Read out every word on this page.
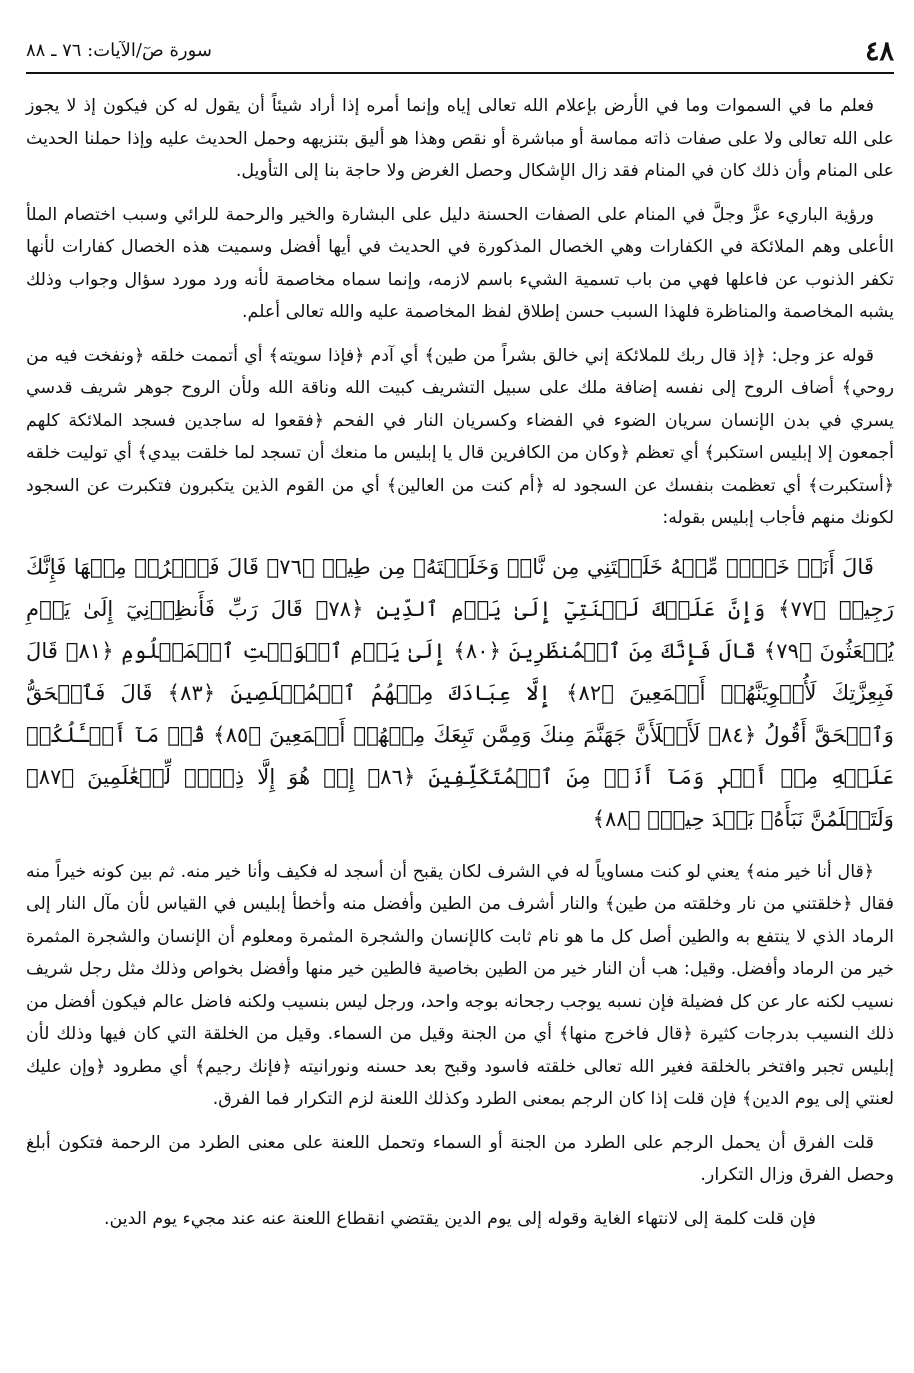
٤٨
سورة صٓ/الآيات: ٧٦ ـ ٨٨

فعلم ما في السموات وما في الأرض بإعلام الله تعالى إياه وإنما أمره إذا أراد شيئاً أن يقول له كن فيكون إذ لا يجوز على الله تعالى ولا على صفات ذاته مماسة أو مباشرة أو نقص وهذا هو أليق بتنزيهه وحمل الحديث عليه وإذا حملنا الحديث على المنام وأن ذلك كان في المنام فقد زال الإشكال وحصل الغرض ولا حاجة بنا إلى التأويل.

ورؤية الباريء عزَّ وجلَّ في المنام على الصفات الحسنة دليل على البشارة والخير والرحمة للرائي وسبب اختصام الملأ الأعلى وهم الملائكة في الكفارات وهي الخصال المذكورة في الحديث في أيها أفضل وسميت هذه الخصال كفارات لأنها تكفر الذنوب عن فاعلها فهي من باب تسمية الشيء باسم لازمه، وإنما سماه مخاصمة لأنه ورد مورد سؤال وجواب وذلك يشبه المخاصمة والمناظرة فلهذا السبب حسن إطلاق لفظ المخاصمة عليه والله تعالى أعلم.

قوله عز وجل: ﴿إذ قال ربك للملائكة إني خالق بشراً من طين﴾ أي آدم ﴿فإذا سويته﴾ أي أتممت خلقه ﴿ونفخت فيه من روحي﴾ أضاف الروح إلى نفسه إضافة ملك على سبيل التشريف كبيت الله وناقة الله ولأن الروح جوهر شريف قدسي يسري في بدن الإنسان سريان الضوء في الفضاء وكسريان النار في الفحم ﴿فقعوا له ساجدين فسجد الملائكة كلهم أجمعون إلا إبليس استكبر﴾ أي تعظم ﴿وكان من الكافرين قال يا إبليس ما منعك أن تسجد لما خلقت بيدي﴾ أي توليت خلقه ﴿أستكبرت﴾ أي تعظمت بنفسك عن السجود له ﴿أم كنت من العالين﴾ أي من القوم الذين يتكبرون فتكبرت عن السجود لكونك منهم فأجاب إبليس بقوله:

قَالَ أَنَا۠ خَيۡرٞ مِّنۡهُ خَلَقۡتَنِي مِن نَّارٖ وَخَلَقۡتَهُۥ مِن طِينٖ ﴿٧٦﴾ قَالَ فَٱخۡرُجۡ مِنۡهَا فَإِنَّكَ رَجِيمٞ ﴿٧٧﴾ وَإِنَّ عَلَيۡكَ لَعۡنَتِيٓ إِلَىٰ يَوۡمِ ٱلدِّينِ ﴿٧٨﴾ قَالَ رَبِّ فَأَنظِرۡنِيٓ إِلَىٰ يَوۡمِ يُبۡعَثُونَ ﴿٧٩﴾ قَالَ فَإِنَّكَ مِنَ ٱلۡمُنظَرِينَ ﴿٨٠﴾ إِلَىٰ يَوۡمِ ٱلۡوَقۡتِ ٱلۡمَعۡلُومِ ﴿٨١﴾ قَالَ فَبِعِزَّتِكَ لَأُغۡوِيَنَّهُمۡ أَجۡمَعِينَ ﴿٨٢﴾ إِلَّا عِبَادَكَ مِنۡهُمُ ٱلۡمُخۡلَصِينَ ﴿٨٣﴾ قَالَ فَٱلۡحَقُّ وَٱلۡحَقَّ أَقُولُ ﴿٨٤﴾ لَأَمۡلَأَنَّ جَهَنَّمَ مِنكَ وَمِمَّن تَبِعَكَ مِنۡهُمۡ أَجۡمَعِينَ ﴿٨٥﴾ قُلۡ مَآ أَسۡـَٔلُكُمۡ عَلَيۡهِ مِنۡ أَجۡرٖ وَمَآ أَنَا۠ مِنَ ٱلۡمُتَكَلِّفِينَ ﴿٨٦﴾ إِنۡ هُوَ إِلَّا ذِكۡرٞ لِّلۡعَٰلَمِينَ ﴿٨٧﴾ وَلَتَعۡلَمُنَّ نَبَأَهُۥ بَعۡدَ حِينِۭ ﴿٨٨﴾

﴿قال أنا خير منه﴾ يعني لو كنت مساوياً له في الشرف لكان يقبح أن أسجد له فكيف وأنا خير منه. ثم بين كونه خيراً منه فقال ﴿خلقتني من نار وخلقته من طين﴾ والنار أشرف من الطين وأفضل منه وأخطأ إبليس في القياس لأن مآل النار إلى الرماد الذي لا ينتفع به والطين أصل كل ما هو نام ثابت كالإنسان والشجرة المثمرة ومعلوم أن الإنسان والشجرة المثمرة خير من الرماد وأفضل. وقيل: هب أن النار خير من الطين بخاصية فالطين خير منها وأفضل بخواص وذلك مثل رجل شريف نسيب لكنه عار عن كل فضيلة فإن نسبه يوجب رجحانه بوجه واحد، ورجل ليس بنسيب ولكنه فاضل عالم فيكون أفضل من ذلك النسيب بدرجات كثيرة ﴿قال فاخرج منها﴾ أي من الجنة وقيل من السماء. وقيل من الخلقة التي كان فيها وذلك لأن إبليس تجبر وافتخر بالخلقة فغير الله تعالى خلقته فاسود وقبح بعد حسنه ونورانيته ﴿فإنك رجيم﴾ أي مطرود ﴿وإن عليك لعنتي إلى يوم الدين﴾ فإن قلت إذا كان الرجم بمعنى الطرد وكذلك اللعنة لزم التكرار فما الفرق.

قلت الفرق أن يحمل الرجم على الطرد من الجنة أو السماء وتحمل اللعنة على معنى الطرد من الرحمة فتكون أبلغ وحصل الفرق وزال التكرار.

فإن قلت كلمة إلى لانتهاء الغاية وقوله إلى يوم الدين يقتضي انقطاع اللعنة عنه عند مجيء يوم الدين.
